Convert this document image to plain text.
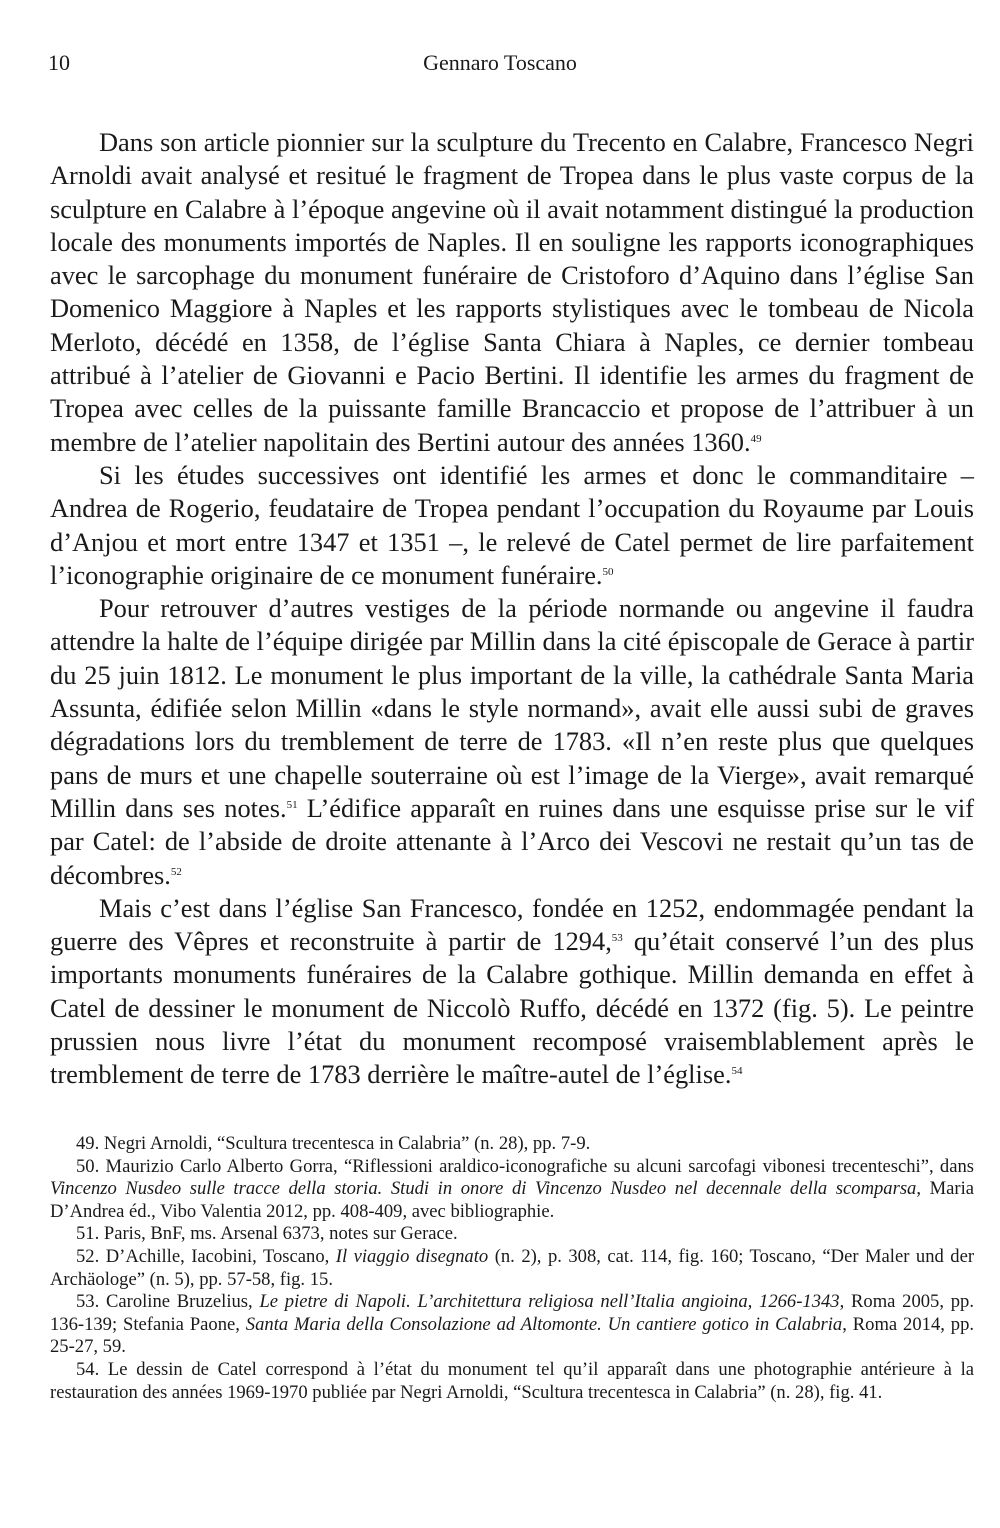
10	Gennaro Toscano

Dans son article pionnier sur la sculpture du Trecento en Calabre, Francesco Negri Arnoldi avait analysé et resitué le fragment de Tropea dans le plus vaste corpus de la sculpture en Calabre à l’époque angevine où il avait notamment distingué la production locale des monuments importés de Naples. Il en souligne les rapports iconographiques avec le sarcophage du monument funéraire de Cristoforo d’Aquino dans l’église San Domenico Maggiore à Naples et les rapports stylistiques avec le tombeau de Nicola Merloto, décédé en 1358, de l’église Santa Chiara à Naples, ce dernier tombeau attribué à l’atelier de Giovanni e Pacio Bertini. Il identifie les armes du fragment de Tropea avec celles de la puissante famille Brancaccio et propose de l’attribuer à un membre de l’atelier napolitain des Bertini autour des années 1360.49

Si les études successives ont identifié les armes et donc le commanditaire – Andrea de Rogerio, feudataire de Tropea pendant l’occupation du Royaume par Louis d’Anjou et mort entre 1347 et 1351 –, le relevé de Catel permet de lire parfaitement l’iconographie originaire de ce monument funéraire.$^{50}$

Pour retrouver d’autres vestiges de la période normande ou angevine il faudra attendre la halte de l’équipe dirigée par Millin dans la cité épiscopale de Gerace à partir du 25 juin 1812. Le monument le plus important de la ville, la cathédrale Santa Maria Assunta, édifiée selon Millin «dans le style normand», avait elle aussi subi de graves dégradations lors du tremblement de terre de 1783. «Il n’en reste plus que quelques pans de murs et une chapelle souterraine où est l’image de la Vierge», avait remarqué Millin dans ses notes.$^{51}$ L’édifice apparaît en ruines dans une esquisse prise sur le vif par Catel: de l’abside de droite attenante à l’Arco dei Vescovi ne restait qu’un tas de décombres.$^{52}$

Mais c’est dans l’église San Francesco, fondée en 1252, endommagée pendant la guerre des Vêpres et reconstruite à partir de 1294,53 qu’était conservé l’un des plus importants monuments funéraires de la Calabre gothique. Millin demanda en effet à Catel de dessiner le monument de Niccolò Ruffo, décédé en 1372 (fig. 5). Le peintre prussien nous livre l’état du monument recomposé vraisemblablement après le tremblement de terre de 1783 derrière le maître-autel de l’église.$^{54}$

49. Negri Arnoldi, “Scultura trecentesca in Calabria” (n. 28), pp. 7-9.

50. Maurizio Carlo Alberto Gorra, “Riflessioni araldico-iconografiche su alcuni sarcofagi vibonesi trecenteschi”, dans Vincenzo Nusdeo sulle tracce della storia. Studi in onore di Vincenzo Nusdeo nel decennale della scomparsa, Maria D’Andrea éd., Vibo Valentia 2012, pp. 408-409, avec bibliographie.

51. Paris, BnF, ms. Arsenal 6373, notes sur Gerace.

52. D’Achille, Iacobini, Toscano, Il viaggio disegnato (n. 2), p. 308, cat. 114, fig. 160; Toscano, “Der Maler und der Archäologe” (n. 5), pp. 57-58, fig. 15.

53. Caroline Bruzelius, Le pietre di Napoli. L’architettura religiosa nell’Italia angioina, 1266-1343, Roma 2005, pp. 136-139; Stefania Paone, Santa Maria della Consolazione ad Altomonte. Un cantiere gotico in Calabria, Roma 2014, pp. 25-27, 59.

54. Le dessin de Catel correspond à l’état du monument tel qu’il apparaît dans une photographie antérieure à la restauration des années 1969-1970 publiée par Negri Arnoldi, “Scultura trecentesca in Calabria” (n. 28), fig. 41.
